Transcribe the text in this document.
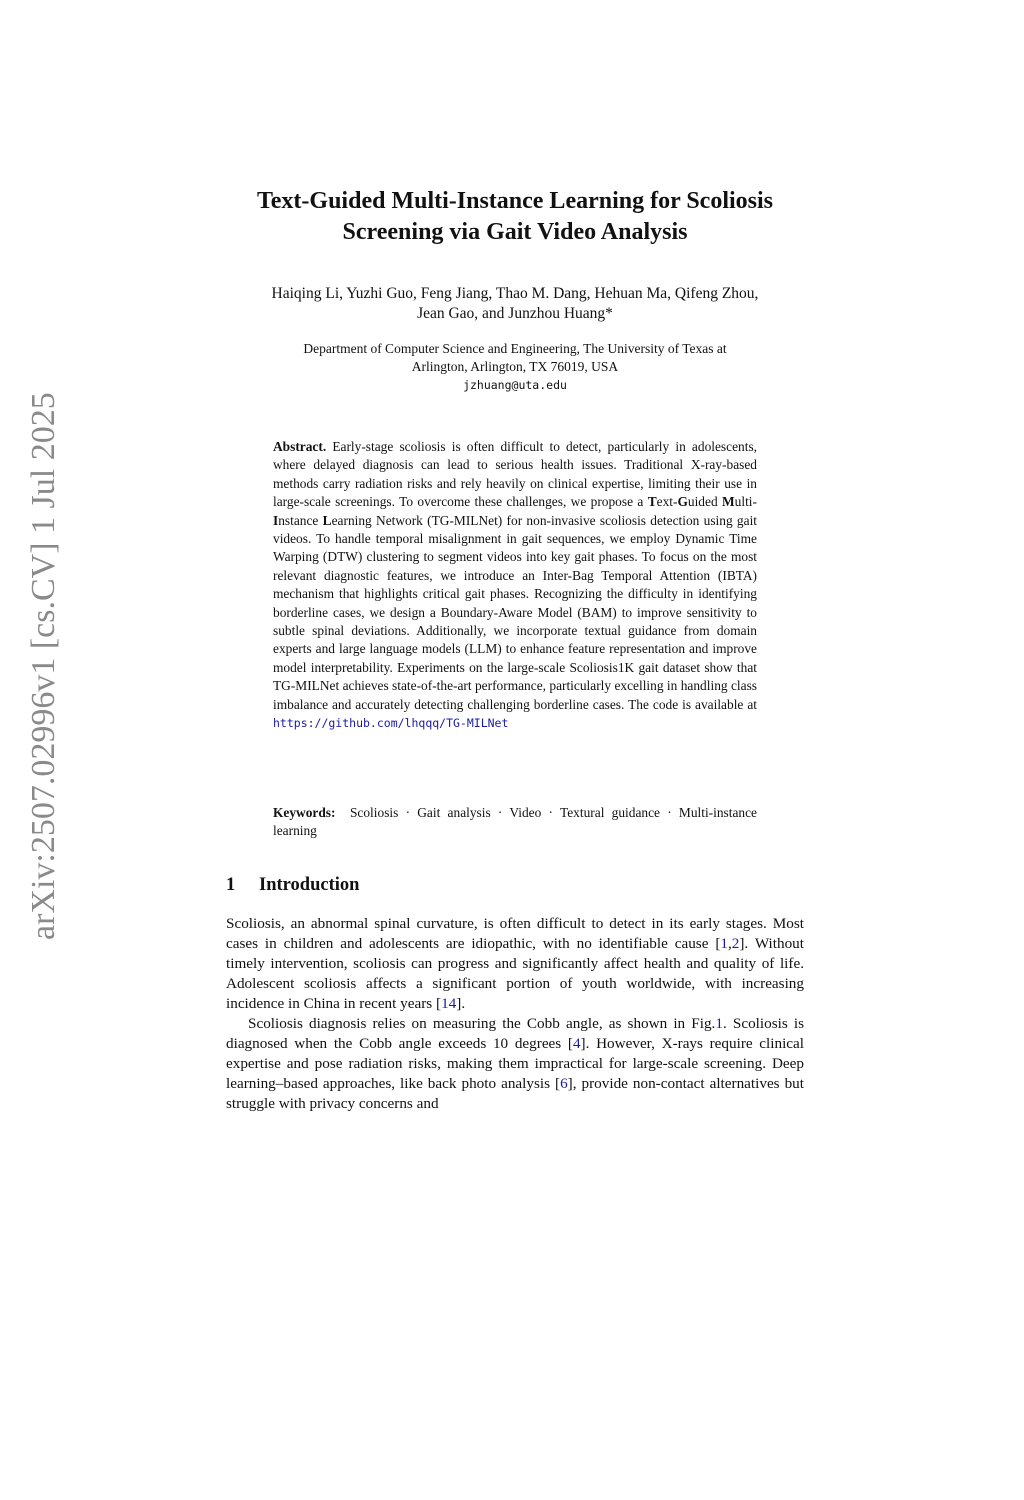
arXiv:2507.02996v1 [cs.CV] 1 Jul 2025
Text-Guided Multi-Instance Learning for Scoliosis
Screening via Gait Video Analysis
Haiqing Li, Yuzhi Guo, Feng Jiang, Thao M. Dang, Hehuan Ma, Qifeng Zhou,
Jean Gao, and Junzhou Huang*
Department of Computer Science and Engineering, The University of Texas at
Arlington, Arlington, TX 76019, USA
jzhuang@uta.edu
Abstract. Early-stage scoliosis is often difficult to detect, particularly in adolescents, where delayed diagnosis can lead to serious health issues. Traditional X-ray-based methods carry radiation risks and rely heavily on clinical expertise, limiting their use in large-scale screenings. To overcome these challenges, we propose a Text-Guided Multi-Instance Learning Network (TG-MILNet) for non-invasive scoliosis detection using gait videos. To handle temporal misalignment in gait sequences, we employ Dynamic Time Warping (DTW) clustering to segment videos into key gait phases. To focus on the most relevant diagnostic features, we introduce an Inter-Bag Temporal Attention (IBTA) mechanism that highlights critical gait phases. Recognizing the difficulty in identifying borderline cases, we design a Boundary-Aware Model (BAM) to improve sensitivity to subtle spinal deviations. Additionally, we incorporate textual guidance from domain experts and large language models (LLM) to enhance feature representation and improve model interpretability. Experiments on the large-scale Scoliosis1K gait dataset show that TG-MILNet achieves state-of-the-art performance, particularly excelling in handling class imbalance and accurately detecting challenging borderline cases. The code is available at https://github.com/lhqqq/TG-MILNet
Keywords: Scoliosis · Gait analysis · Video · Textural guidance · Multi-instance learning
1 Introduction

Scoliosis, an abnormal spinal curvature, is often difficult to detect in its early stages. Most cases in children and adolescents are idiopathic, with no identifiable cause [1,2]. Without timely intervention, scoliosis can progress and significantly affect health and quality of life. Adolescent scoliosis affects a significant portion of youth worldwide, with increasing incidence in China in recent years [14].

Scoliosis diagnosis relies on measuring the Cobb angle, as shown in Fig.1. Scoliosis is diagnosed when the Cobb angle exceeds 10 degrees [4]. However, X-rays require clinical expertise and pose radiation risks, making them impractical for large-scale screening. Deep learning–based approaches, like back photo analysis [6], provide non-contact alternatives but struggle with privacy concerns and
